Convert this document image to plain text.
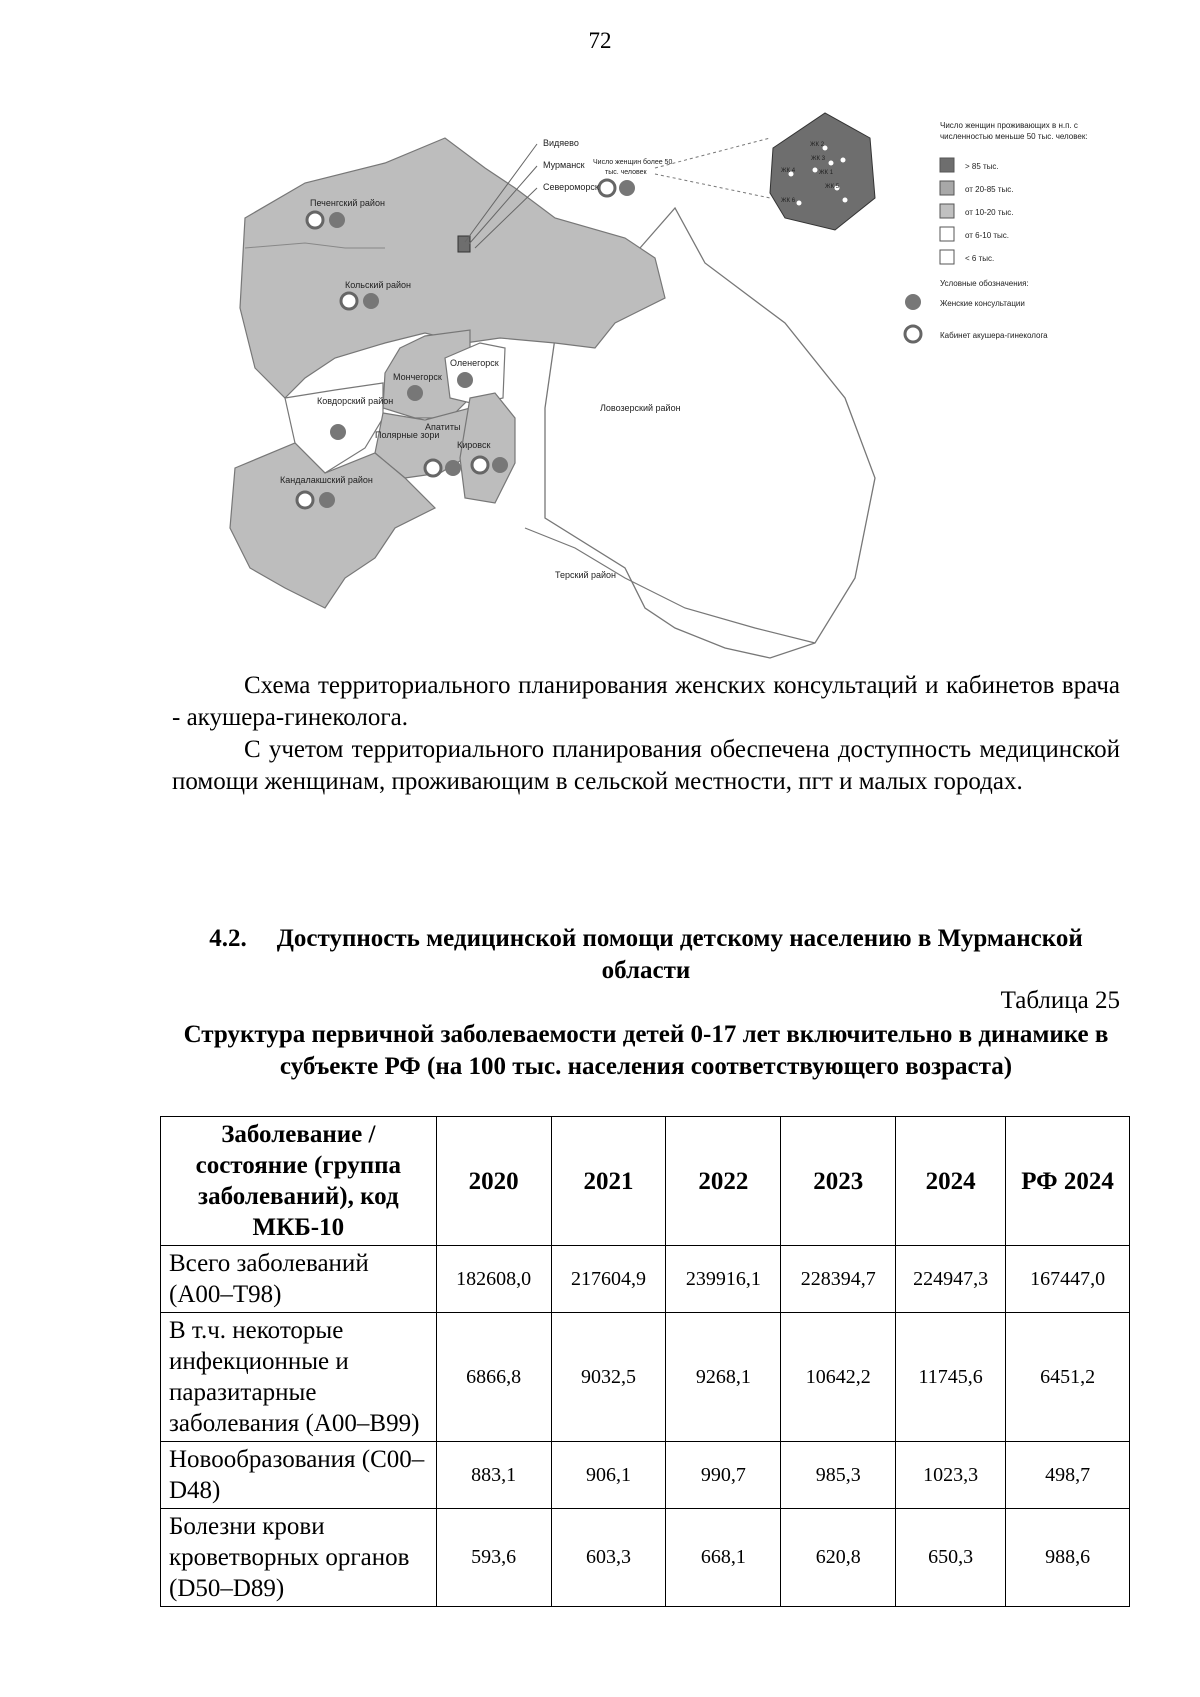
72
Печенгский район
Кольский район
Мончегорск
Оленегорск
Ковдорский район
Полярные зори
Апатиты
Кировск
Кандалакшский район
Ловозерский район
Терский район
Видяево
Мурманск
Североморск
Число женщин более 50
тыс. человек
ЖК 2
ЖК 3
ЖК 4	ЖК 1
ЖК 5
ЖК 6
Число женщин проживающих в н.п. с
численностью меньше 50 тыс. человек:
> 85 тыс.
от 20-85 тыс.
от 10-20 тыс.
от 6-10 тыс.
< 6 тыс.
Условные обозначения:
Женские консультации
Кабинет акушера-гинеколога
Схема территориального планирования женских консультаций и кабинетов врача - акушера-гинеколога.
С учетом территориального планирования обеспечена доступность медицинской помощи женщинам, проживающим в сельской местности, пгт и малых городах.
4.2. Доступность медицинской помощи детскому населению в Мурманской области
Таблица 25
Структура первичной заболеваемости детей 0-17 лет включительно в динамике в субъекте РФ (на 100 тыс. населения соответствующего возраста)
Заболевание / состояние (группа заболеваний), код МКБ-10	2020	2021	2022	2023	2024	РФ 2024
Всего заболеваний (А00–Т98)	182608,0	217604,9	239916,1	228394,7	224947,3	167447,0
В т.ч. некоторые инфекционные и паразитарные заболевания (А00–В99)	6866,8	9032,5	9268,1	10642,2	11745,6	6451,2
Новообразования (С00–D48)	883,1	906,1	990,7	985,3	1023,3	498,7
Болезни крови кроветворных органов (D50–D89)	593,6	603,3	668,1	620,8	650,3	988,6
